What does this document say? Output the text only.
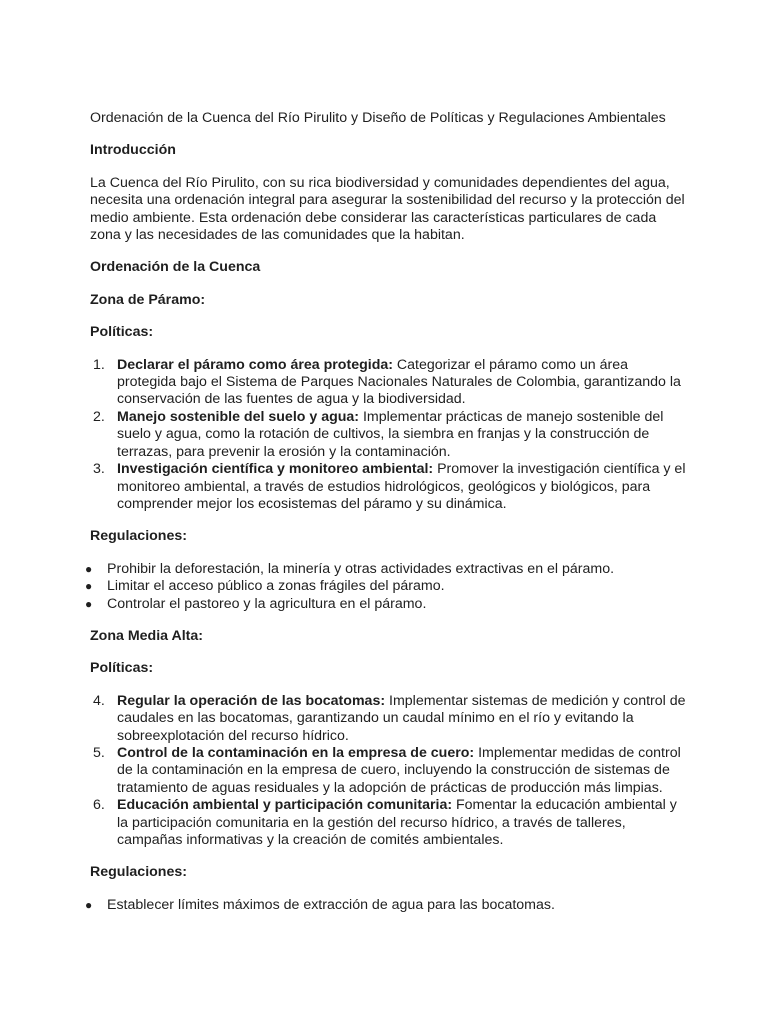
Ordenación de la Cuenca del Río Pirulito y Diseño de Políticas y Regulaciones Ambientales

Introducción

La Cuenca del Río Pirulito, con su rica biodiversidad y comunidades dependientes del agua, necesita una ordenación integral para asegurar la sostenibilidad del recurso y la protección del medio ambiente. Esta ordenación debe considerar las características particulares de cada zona y las necesidades de las comunidades que la habitan.

Ordenación de la Cuenca

Zona de Páramo:

Políticas:

1. Declarar el páramo como área protegida: Categorizar el páramo como un área protegida bajo el Sistema de Parques Nacionales Naturales de Colombia, garantizando la conservación de las fuentes de agua y la biodiversidad.
2. Manejo sostenible del suelo y agua: Implementar prácticas de manejo sostenible del suelo y agua, como la rotación de cultivos, la siembra en franjas y la construcción de terrazas, para prevenir la erosión y la contaminación.
3. Investigación científica y monitoreo ambiental: Promover la investigación científica y el monitoreo ambiental, a través de estudios hidrológicos, geológicos y biológicos, para comprender mejor los ecosistemas del páramo y su dinámica.

Regulaciones:

● Prohibir la deforestación, la minería y otras actividades extractivas en el páramo.
● Limitar el acceso público a zonas frágiles del páramo.
● Controlar el pastoreo y la agricultura en el páramo.

Zona Media Alta:

Políticas:

4. Regular la operación de las bocatomas: Implementar sistemas de medición y control de caudales en las bocatomas, garantizando un caudal mínimo en el río y evitando la sobreexplotación del recurso hídrico.
5. Control de la contaminación en la empresa de cuero: Implementar medidas de control de la contaminación en la empresa de cuero, incluyendo la construcción de sistemas de tratamiento de aguas residuales y la adopción de prácticas de producción más limpias.
6. Educación ambiental y participación comunitaria: Fomentar la educación ambiental y la participación comunitaria en la gestión del recurso hídrico, a través de talleres, campañas informativas y la creación de comités ambientales.

Regulaciones:

● Establecer límites máximos de extracción de agua para las bocatomas.
